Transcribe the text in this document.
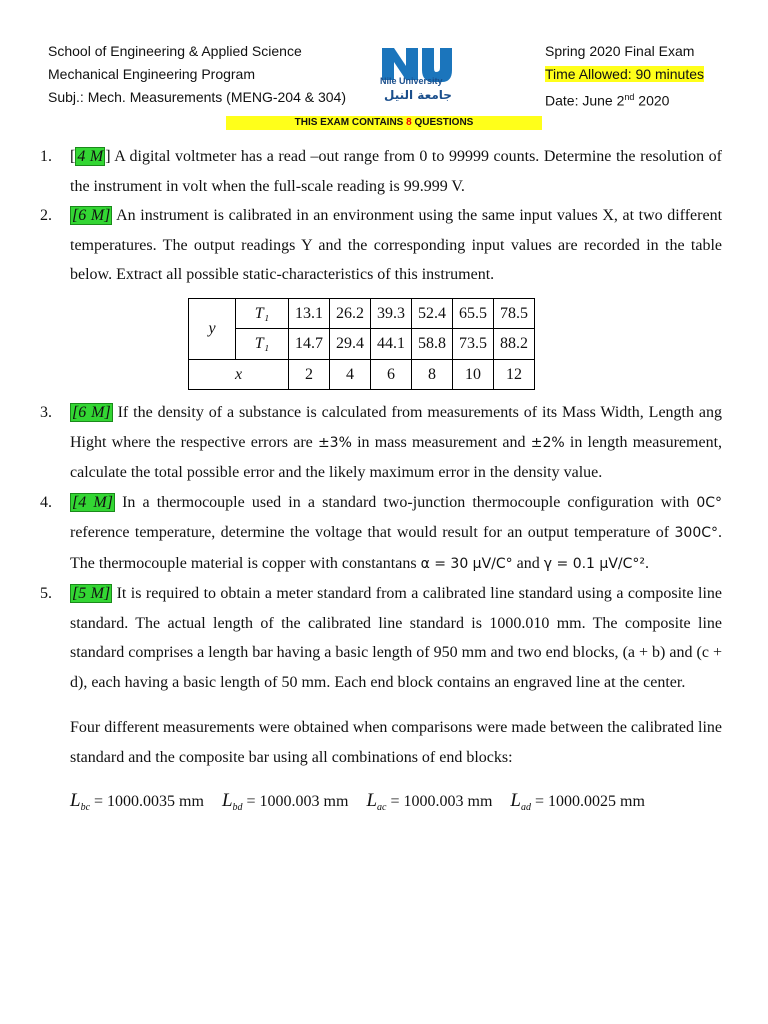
School of Engineering & Applied Science
Mechanical Engineering Program
Subj.: Mech. Measurements (MENG-204 & 304)
Nile University
جامعة النيل
Spring 2020 Final Exam
Time Allowed: 90 minutes
Date: June 2nd 2020
THIS EXAM CONTAINS 8 QUESTIONS
1. [ 4 M ] A digital voltmeter has a read –out range from 0 to 99999 counts. Determine the resolution of the instrument in volt when the full-scale reading is 99.999 V.
2. [6 M] An instrument is calibrated in an environment using the same input values X, at two different temperatures. The output readings Y and the corresponding input values are recorded in the table below. Extract all possible static-characteristics of this instrument.
y	T₁	13.1	26.2	39.3	52.4	65.5	78.5
	T₁	14.7	29.4	44.1	58.8	73.5	88.2
x		2	4	6	8	10	12
3. [6 M] If the density of a substance is calculated from measurements of its Mass Width, Length ang Hight where the respective errors are ±3% in mass measurement and ±2% in length measurement, calculate the total possible error and the likely maximum error in the density value.
4. [4 M] In a thermocouple used in a standard two-junction thermocouple configuration with 0C° reference temperature, determine the voltage that would result for an output temperature of 300C°. The thermocouple material is copper with constantans α = 30 μV/C° and γ = 0.1 μV/C°².
5. [5 M] It is required to obtain a meter standard from a calibrated line standard using a composite line standard. The actual length of the calibrated line standard is 1000.010 mm. The composite line standard comprises a length bar having a basic length of 950 mm and two end blocks, (a + b) and (c + d), each having a basic length of 50 mm. Each end block contains an engraved line at the center.
Four different measurements were obtained when comparisons were made between the calibrated line standard and the composite bar using all combinations of end blocks:
$L_{bc} = 1000.0035$ mm $L_{bd} = 1000.003$ mm $L_{ac} = 1000.003$ mm $L_{ad} = 1000.0025$ mm
